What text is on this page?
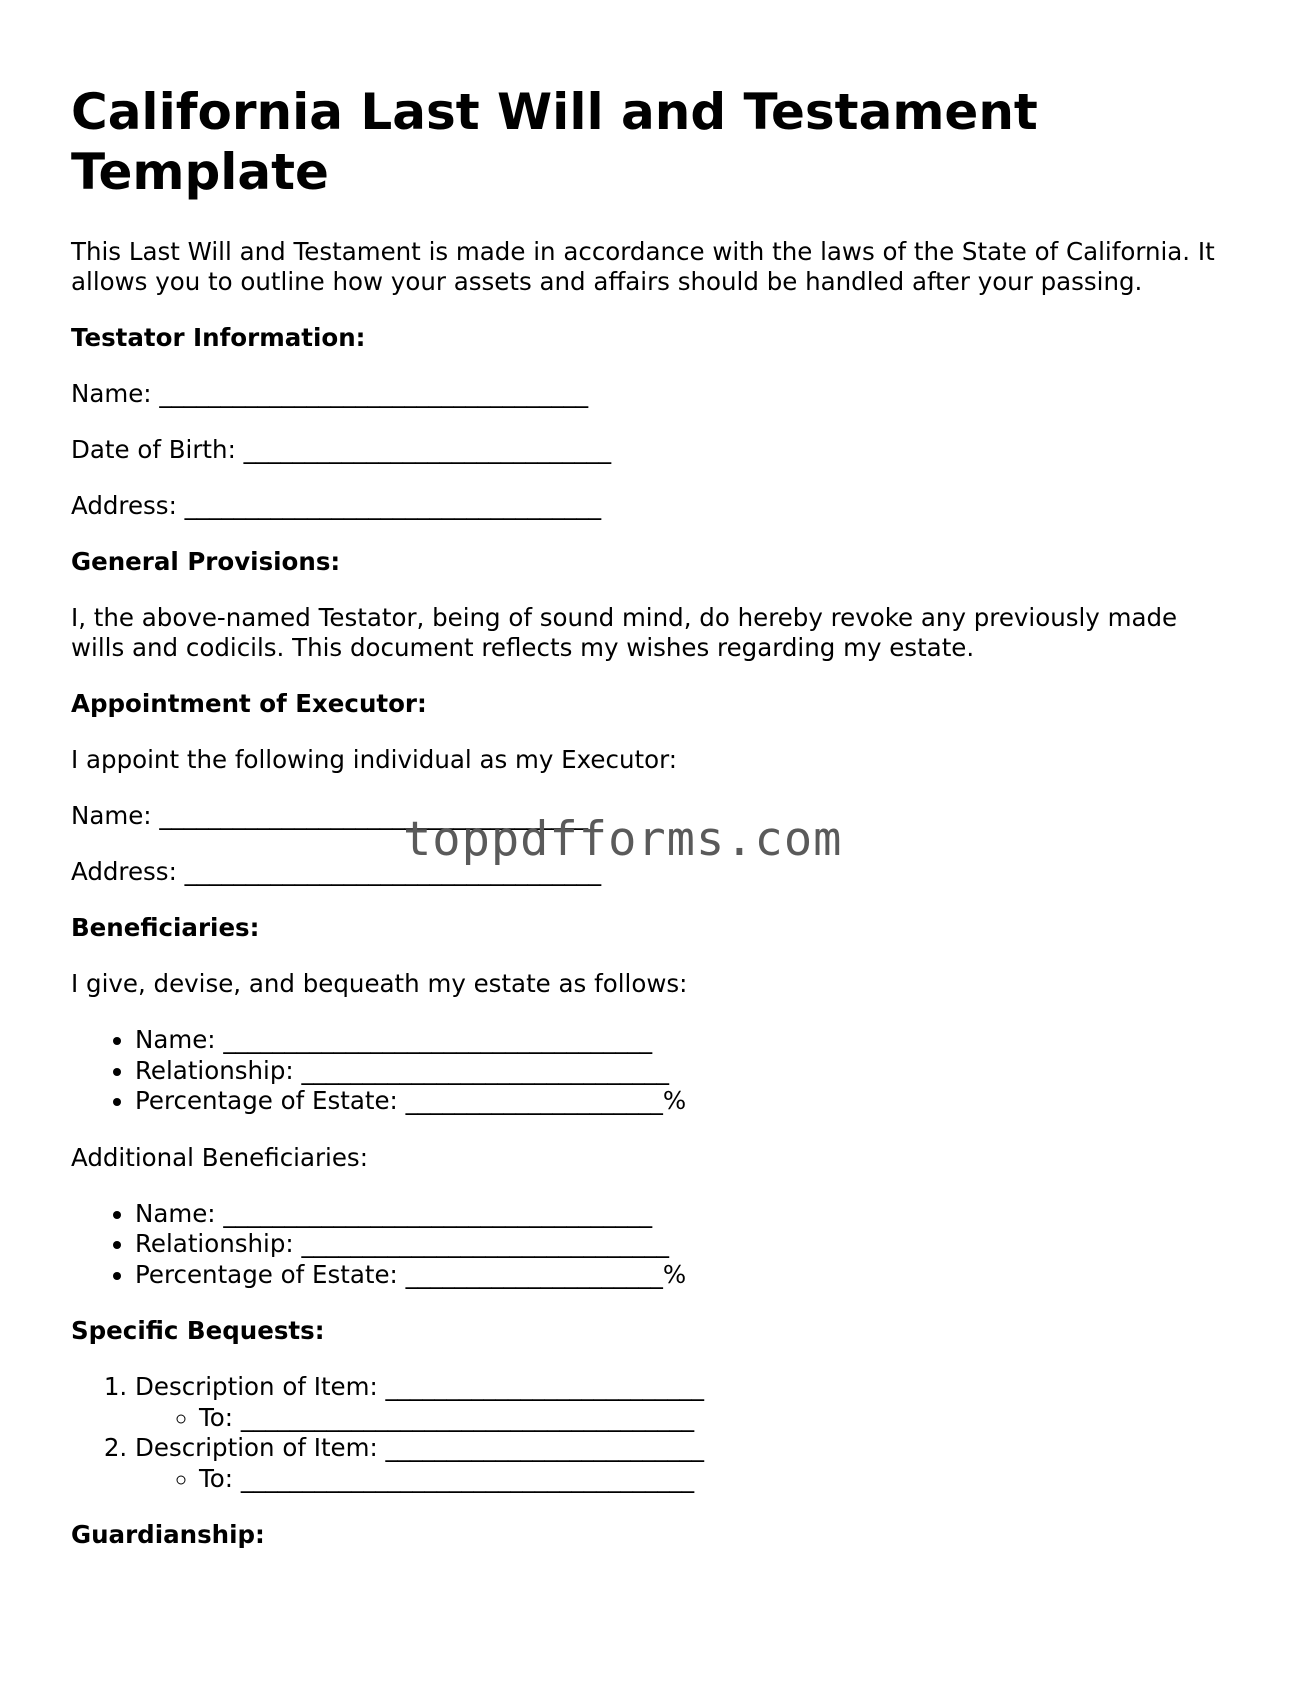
California Last Will and Testament Template

This Last Will and Testament is made in accordance with the laws of the State of California. It allows you to outline how your assets and affairs should be handled after your passing.

Testator Information:

Name: ___________________________________

Date of Birth: ______________________________

Address: __________________________________

General Provisions:

I, the above-named Testator, being of sound mind, do hereby revoke any previously made wills and codicils. This document reflects my wishes regarding my estate.

Appointment of Executor:

I appoint the following individual as my Executor:

Name: ___________________________________

Address: __________________________________

Beneficiaries:

I give, devise, and bequeath my estate as follows:

• Name: ___________________________________
• Relationship: ______________________________
• Percentage of Estate: _____________________%

Additional Beneficiaries:

• Name: ___________________________________
• Relationship: ______________________________
• Percentage of Estate: _____________________%
Specific Bequests:
1. Description of Item: __________________________
◦ To: _____________________________________
2. Description of Item: __________________________
◦ To: _____________________________________
Guardianship:
toppdfforms.com
